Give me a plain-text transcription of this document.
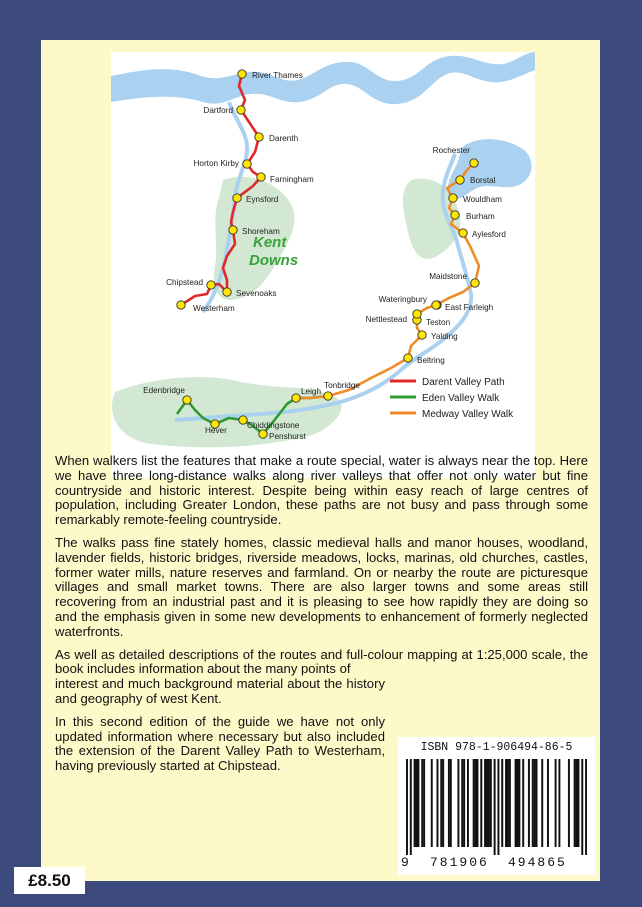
River Thames
Dartford
Darenth
Horton Kirby
Farningham
Eynsford
Shoreham
Chipstead
Sevenoaks
Westerham
Rochester
Borstal
Wouldham
Burham
Aylesford
Maidstone
Wateringbury
Nettlestead Teston
East Farleigh
Yalding
Beltring
Tonbridge
Edenbridge	Leigh
Hever
Chiddingstone
Penshurst
Kent
Downs
Darent Valley Path
Eden Valley Walk
Medway Valley Walk

When walkers list the features that make a route special, water is always near the top. Here we have three long-distance walks along river valleys that offer not only water but fine countryside and historic interest. Despite being within easy reach of large centres of population, including Greater London, these paths are not busy and pass through some remarkably remote-feeling countryside.

The walks pass fine stately homes, classic medieval halls and manor houses, woodland, lavender fields, historic bridges, riverside meadows, locks, marinas, old churches, castles, former water mills, nature reserves and farmland. On or nearby the route are picturesque villages and small market towns. There are also larger towns and some areas still recovering from an industrial past and it is pleasing to see how rapidly they are doing so and the emphasis given in some new developments to enhancement of formerly neglected waterfronts.

As well as detailed descriptions of the routes and full-colour mapping at 1:25,000 scale, the book includes information about the many points of
interest and much background material about the history and geography of west Kent.

In this second edition of the guide we have not only updated information where necessary but also included the extension of the Darent Valley Path to Westerham, having previously started at Chipstead.

ISBN 978-1-906494-86-5
9 781906 494865
£8.50
